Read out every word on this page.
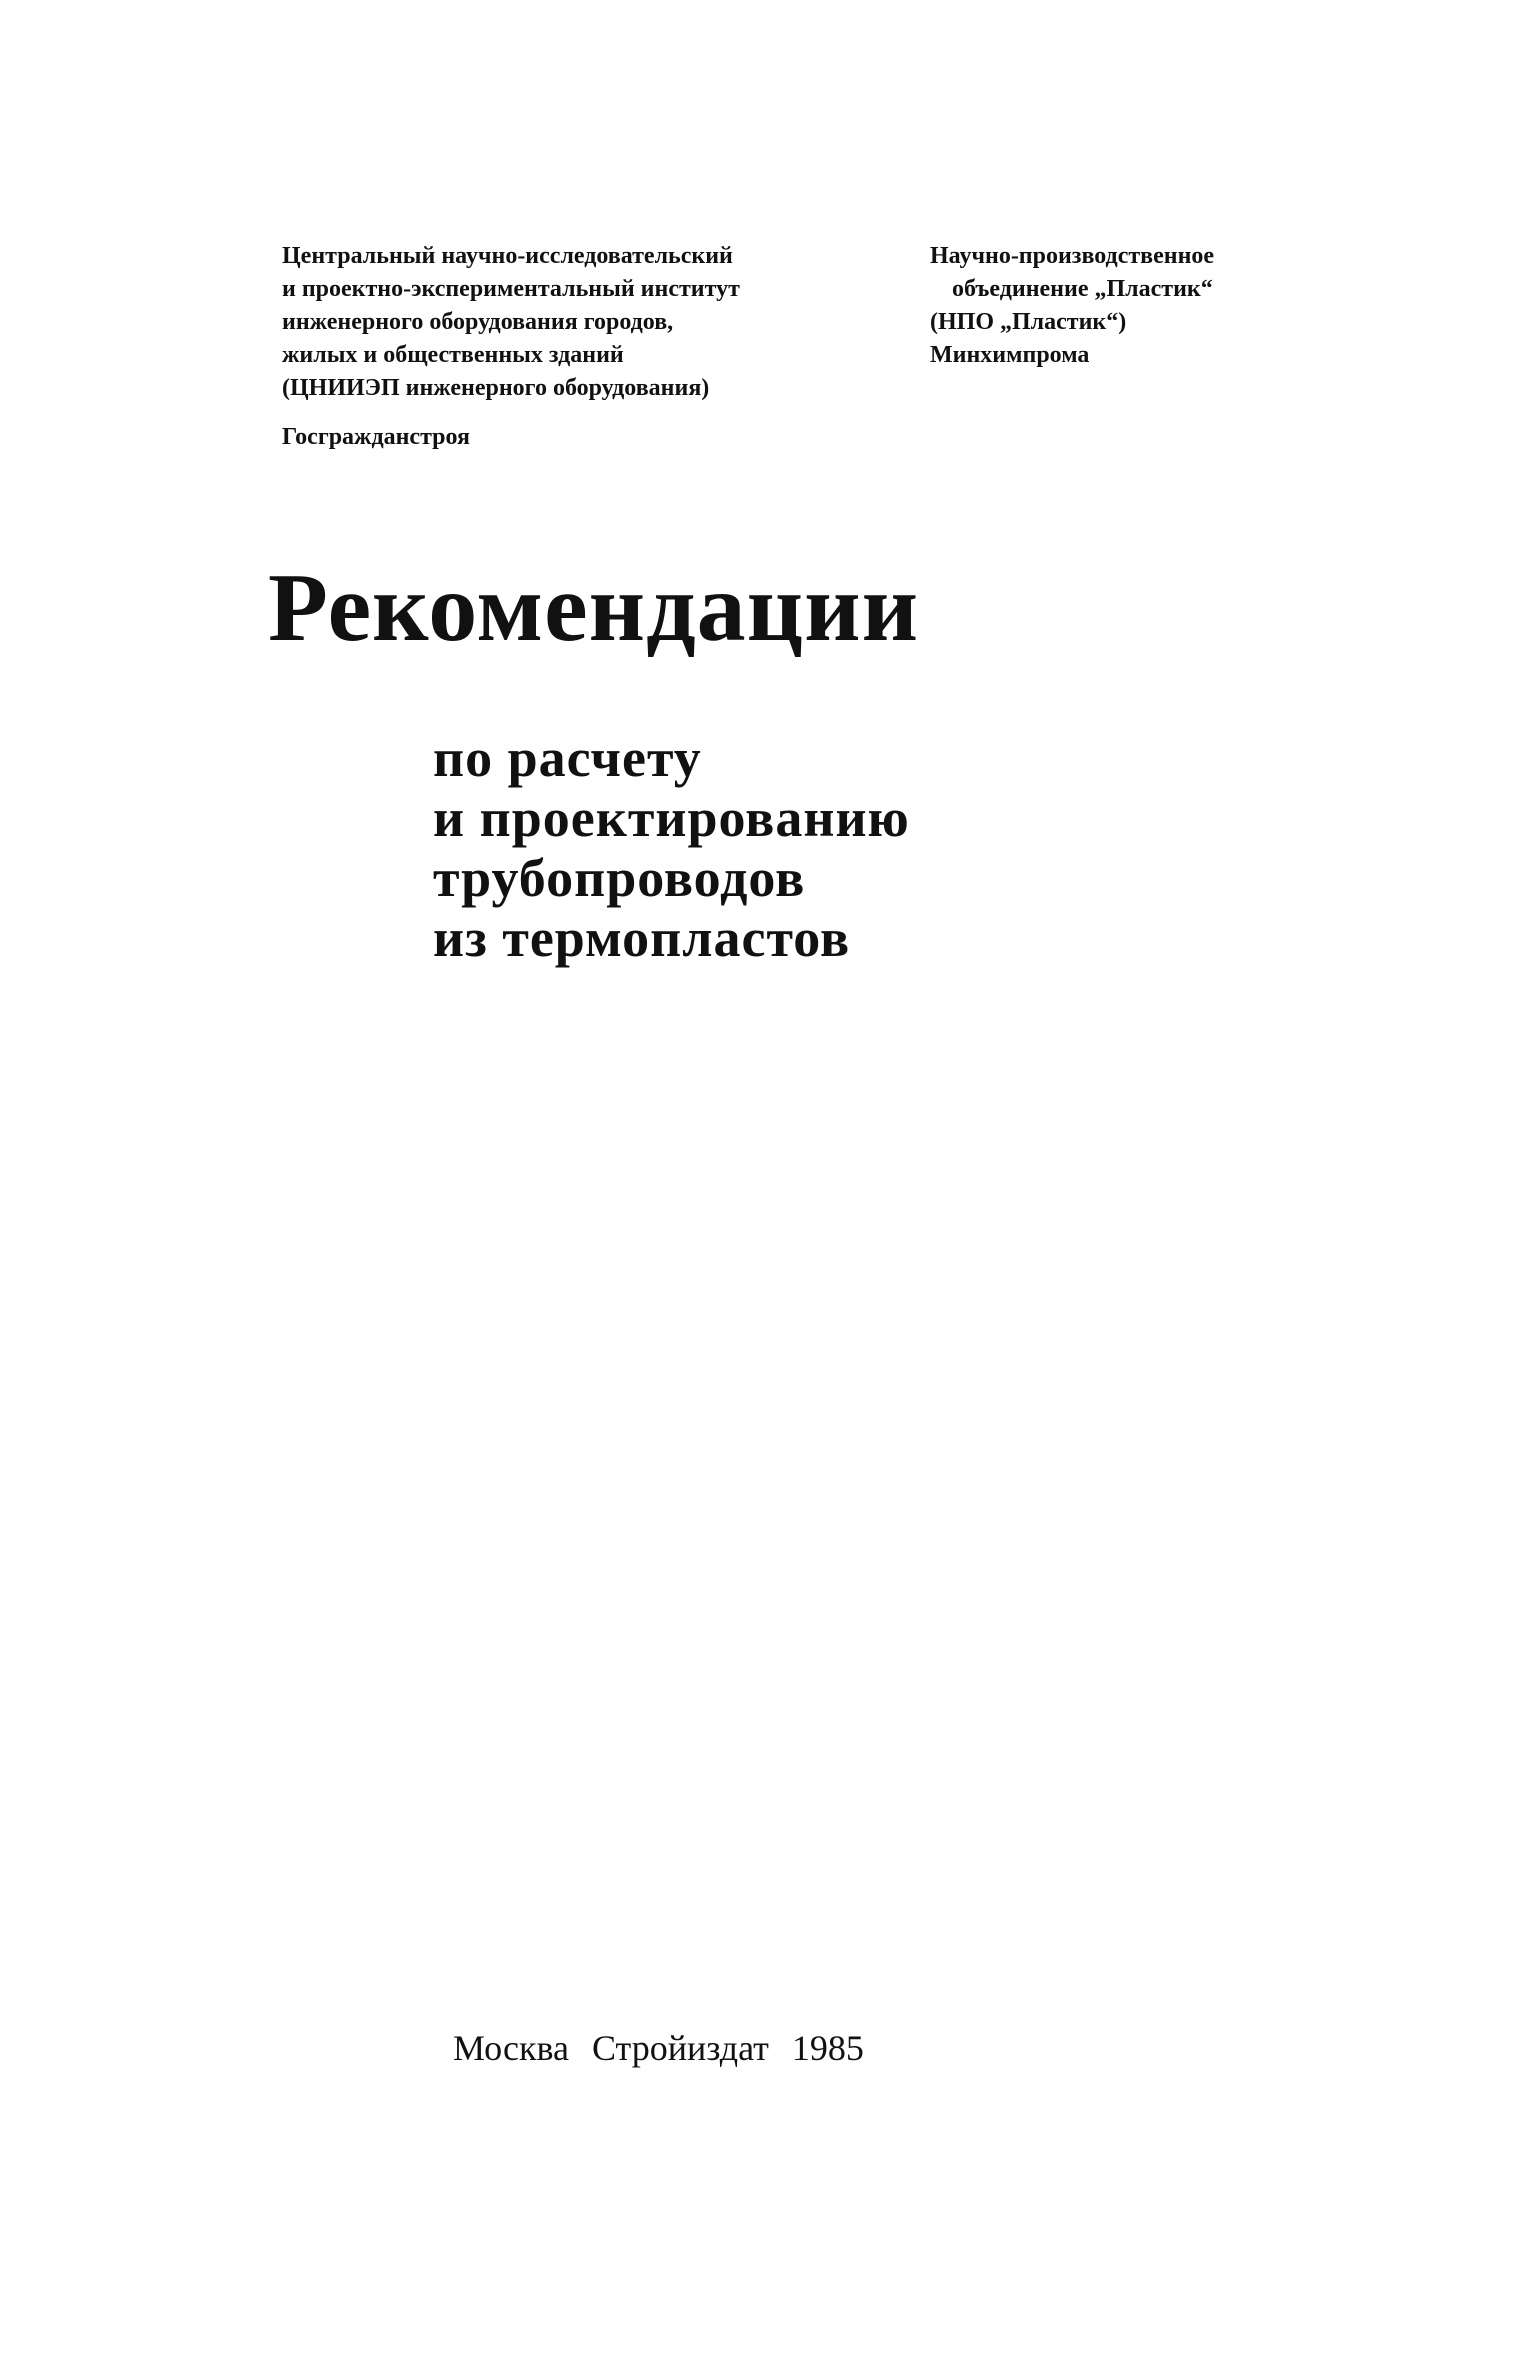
Центральный научно-исследовательский
и проектно-экспериментальный институт
инженерного оборудования городов,
жилых и общественных зданий
(ЦНИИЭП инженерного оборудования)
Госгражданстроя
Научно-производственное
объединение „Пластик“
(НПО „Пластик“)
Минхимпрома
Рекомендации
по расчету
и проектированию
трубопроводов
из термопластов
Москва Стройиздат 1985
